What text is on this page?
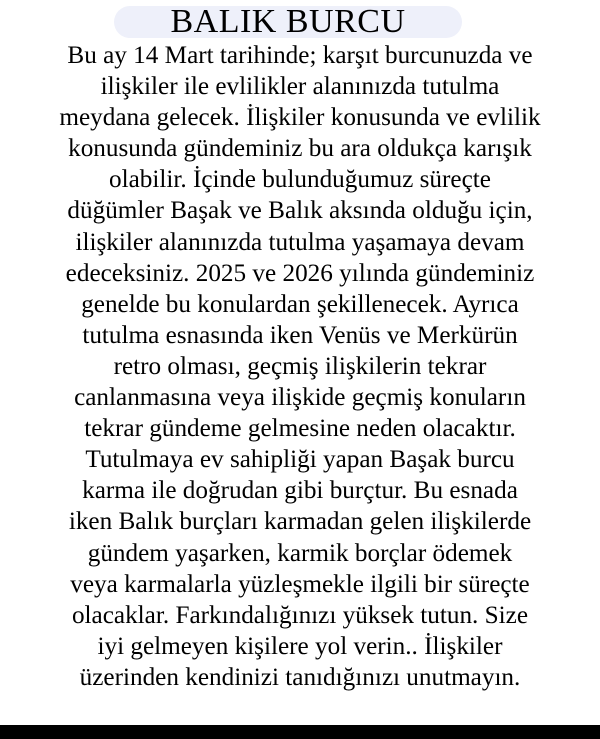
BALIK BURCU
Bu ay 14 Mart tarihinde; karşıt burcunuzda ve
ilişkiler ile evlilikler alanınızda tutulma
meydana gelecek. İlişkiler konusunda ve evlilik
konusunda gündeminiz bu ara oldukça karışık
olabilir. İçinde bulunduğumuz süreçte
düğümler Başak ve Balık aksında olduğu için,
ilişkiler alanınızda tutulma yaşamaya devam
edeceksiniz. 2025 ve 2026 yılında gündeminiz
genelde bu konulardan şekillenecek. Ayrıca
tutulma esnasında iken Venüs ve Merkürün
retro olması, geçmiş ilişkilerin tekrar
canlanmasına veya ilişkide geçmiş konuların
tekrar gündeme gelmesine neden olacaktır.
Tutulmaya ev sahipliği yapan Başak burcu
karma ile doğrudan gibi burçtur. Bu esnada
iken Balık burçları karmadan gelen ilişkilerde
gündem yaşarken, karmik borçlar ödemek
veya karmalarla yüzleşmekle ilgili bir süreçte
olacaklar. Farkındalığınızı yüksek tutun. Size
iyi gelmeyen kişilere yol verin.. İlişkiler
üzerinden kendinizi tanıdığınızı unutmayın.
